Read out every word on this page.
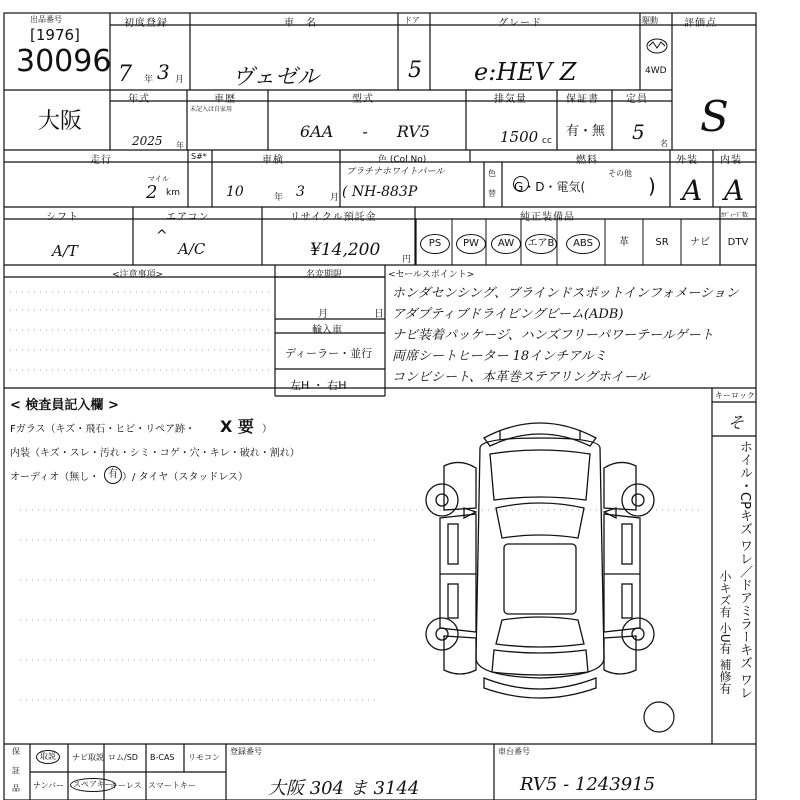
出品番号
[1976]
30096
大阪
初度登録
7 年 3 月
車　名
ヴェゼル
ドア
5
グレード
e:HEV Z
駆動
4WD
評価点
S
年式
2025 年
車歴
未記入は自家用
型式
6AA - RV5
排気量
1500 cc
保証書
有・無
定員
5 名
走行
マイル
2 km
S#*	車検
10	年 3	月
色 (Col.No)
プラチナホワイトパール
( NH-883P
色
替
燃料
G・D・電気(
その他
)
外装
A
内装
A
シフト
A/T
エアコン
^
A/C
リサイクル預託金
¥14,200 円
純正装備品	ｶｹﾞｨｰﾄﾞ数
PS	PW	AW	エアB	ABS	革	SR	ナビ	DTV
<注意事項>	名変期限
月	日
輸入車
ディーラー・並行
左H ・ 右H
<セールスポイント>
ホンダセンシング、ブラインドスポットインフォメーション
アダプティブドライビングビーム(ADB)
ナビ装着パッケージ、ハンズフリーパワーテールゲート
両席シートヒーター 18インチアルミ
コンビシート、本革巻ステアリングホイール
< 検査員記入欄 >
Fガラス（キズ・飛石・ヒビ・リペア跡・ X 要 ）
内装（キズ・スレ・汚れ・シミ・コゲ・穴・キレ・破れ・割れ）
オーディオ（無し・ 有 ）/ タイヤ（スタッドレス）
キーロック
そ
ホイル・CPキズ ワレ／ドアミラーキズ ワレ
小キズ有 小U有 補修有
保
証
品
取説	ナビ取説 ロム/SD B-CAS リモコン
ナンバー	スペアキー
キーレス スマートキー
登録番号
大阪 304 ま 3144
車台番号
RV5 - 1243915
